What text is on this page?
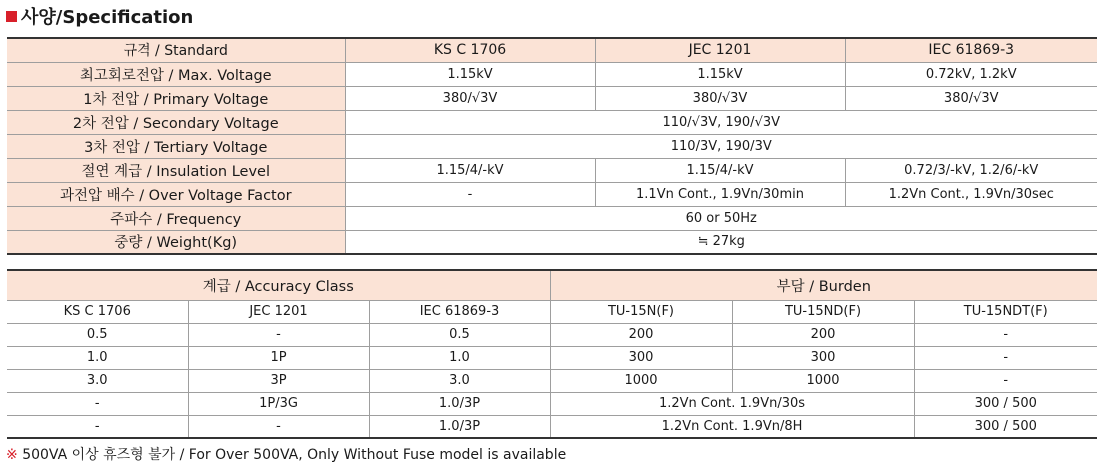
사양/Specification
규격 / Standard	KS C 1706	JEC 1201	IEC 61869-3
최고회로전압 / Max. Voltage	1.15kV	1.15kV	0.72kV, 1.2kV
1차 전압 / Primary Voltage	380/√3V	380/√3V	380/√3V
2차 전압 / Secondary Voltage	110/√3V, 190/√3V		
3차 전압 / Tertiary Voltage	110/3V, 190/3V		
절연 계급 / Insulation Level	1.15/4/-kV	1.15/4/-kV	0.72/3/-kV, 1.2/6/-kV
과전압 배수 / Over Voltage Factor	-	1.1Vn Cont., 1.9Vn/30min	1.2Vn Cont., 1.9Vn/30sec
주파수 / Frequency	60 or 50Hz		
중량 / Weight(Kg)	≒ 27kg		
계급 / Accuracy Class			부담 / Burden		
KS C 1706	JEC 1201	IEC 61869-3	TU-15N(F)	TU-15ND(F)	TU-15NDT(F)
0.5	-	0.5	200	200	-
1.0	1P	1.0	300	300	-
3.0	3P	3.0	1000	1000	-
-	1P/3G	1.0/3P	1.2Vn Cont. 1.9Vn/30s		300 / 500
-	-	1.0/3P	1.2Vn Cont. 1.9Vn/8H		300 / 500
※ 500VA 이상 휴즈형 불가 / For Over 500VA, Only Without Fuse model is available
